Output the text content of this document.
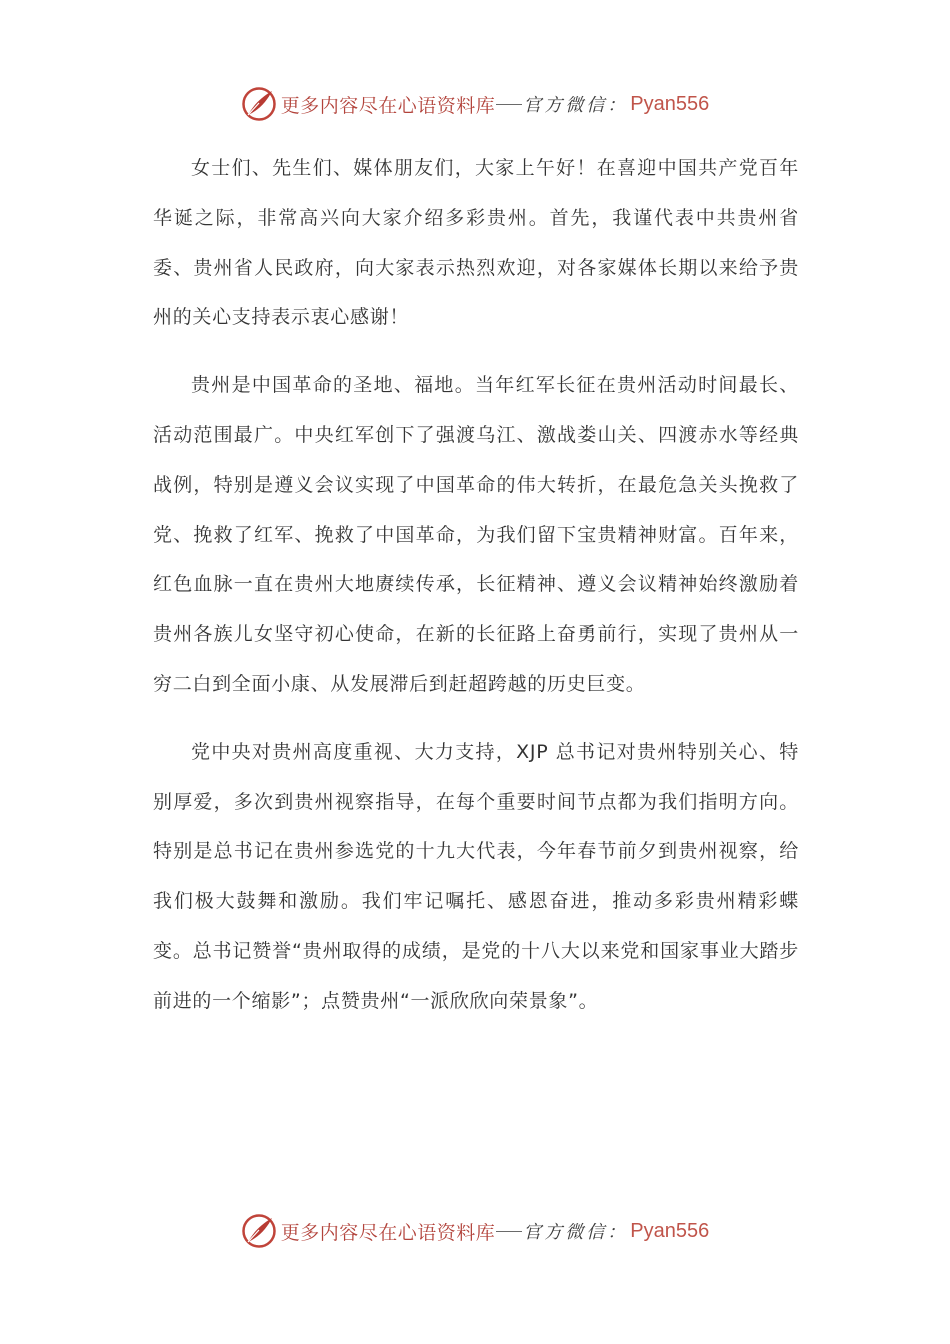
更多内容尽在心语资料库 官方微信： Pyan556

女士们、先生们、媒体朋友们，大家上午好！在喜迎中国共产党百年华诞之际，非常高兴向大家介绍多彩贵州。首先，我谨代表中共贵州省委、贵州省人民政府，向大家表示热烈欢迎，对各家媒体长期以来给予贵州的关心支持表示衷心感谢！

贵州是中国革命的圣地、福地。当年红军长征在贵州活动时间最长、活动范围最广。中央红军创下了强渡乌江、激战娄山关、四渡赤水等经典战例，特别是遵义会议实现了中国革命的伟大转折，在最危急关头挽救了党、挽救了红军、挽救了中国革命，为我们留下宝贵精神财富。百年来，红色血脉一直在贵州大地赓续传承，长征精神、遵义会议精神始终激励着贵州各族儿女坚守初心使命，在新的长征路上奋勇前行，实现了贵州从一穷二白到全面小康、从发展滞后到赶超跨越的历史巨变。

党中央对贵州高度重视、大力支持，XJP 总书记对贵州特别关心、特别厚爱，多次到贵州视察指导，在每个重要时间节点都为我们指明方向。特别是总书记在贵州参选党的十九大代表，今年春节前夕到贵州视察，给我们极大鼓舞和激励。我们牢记嘱托、感恩奋进，推动多彩贵州精彩蝶变。总书记赞誉“贵州取得的成绩，是党的十八大以来党和国家事业大踏步前进的一个缩影”；点赞贵州“一派欣欣向荣景象”。

更多内容尽在心语资料库 官方微信： Pyan556
